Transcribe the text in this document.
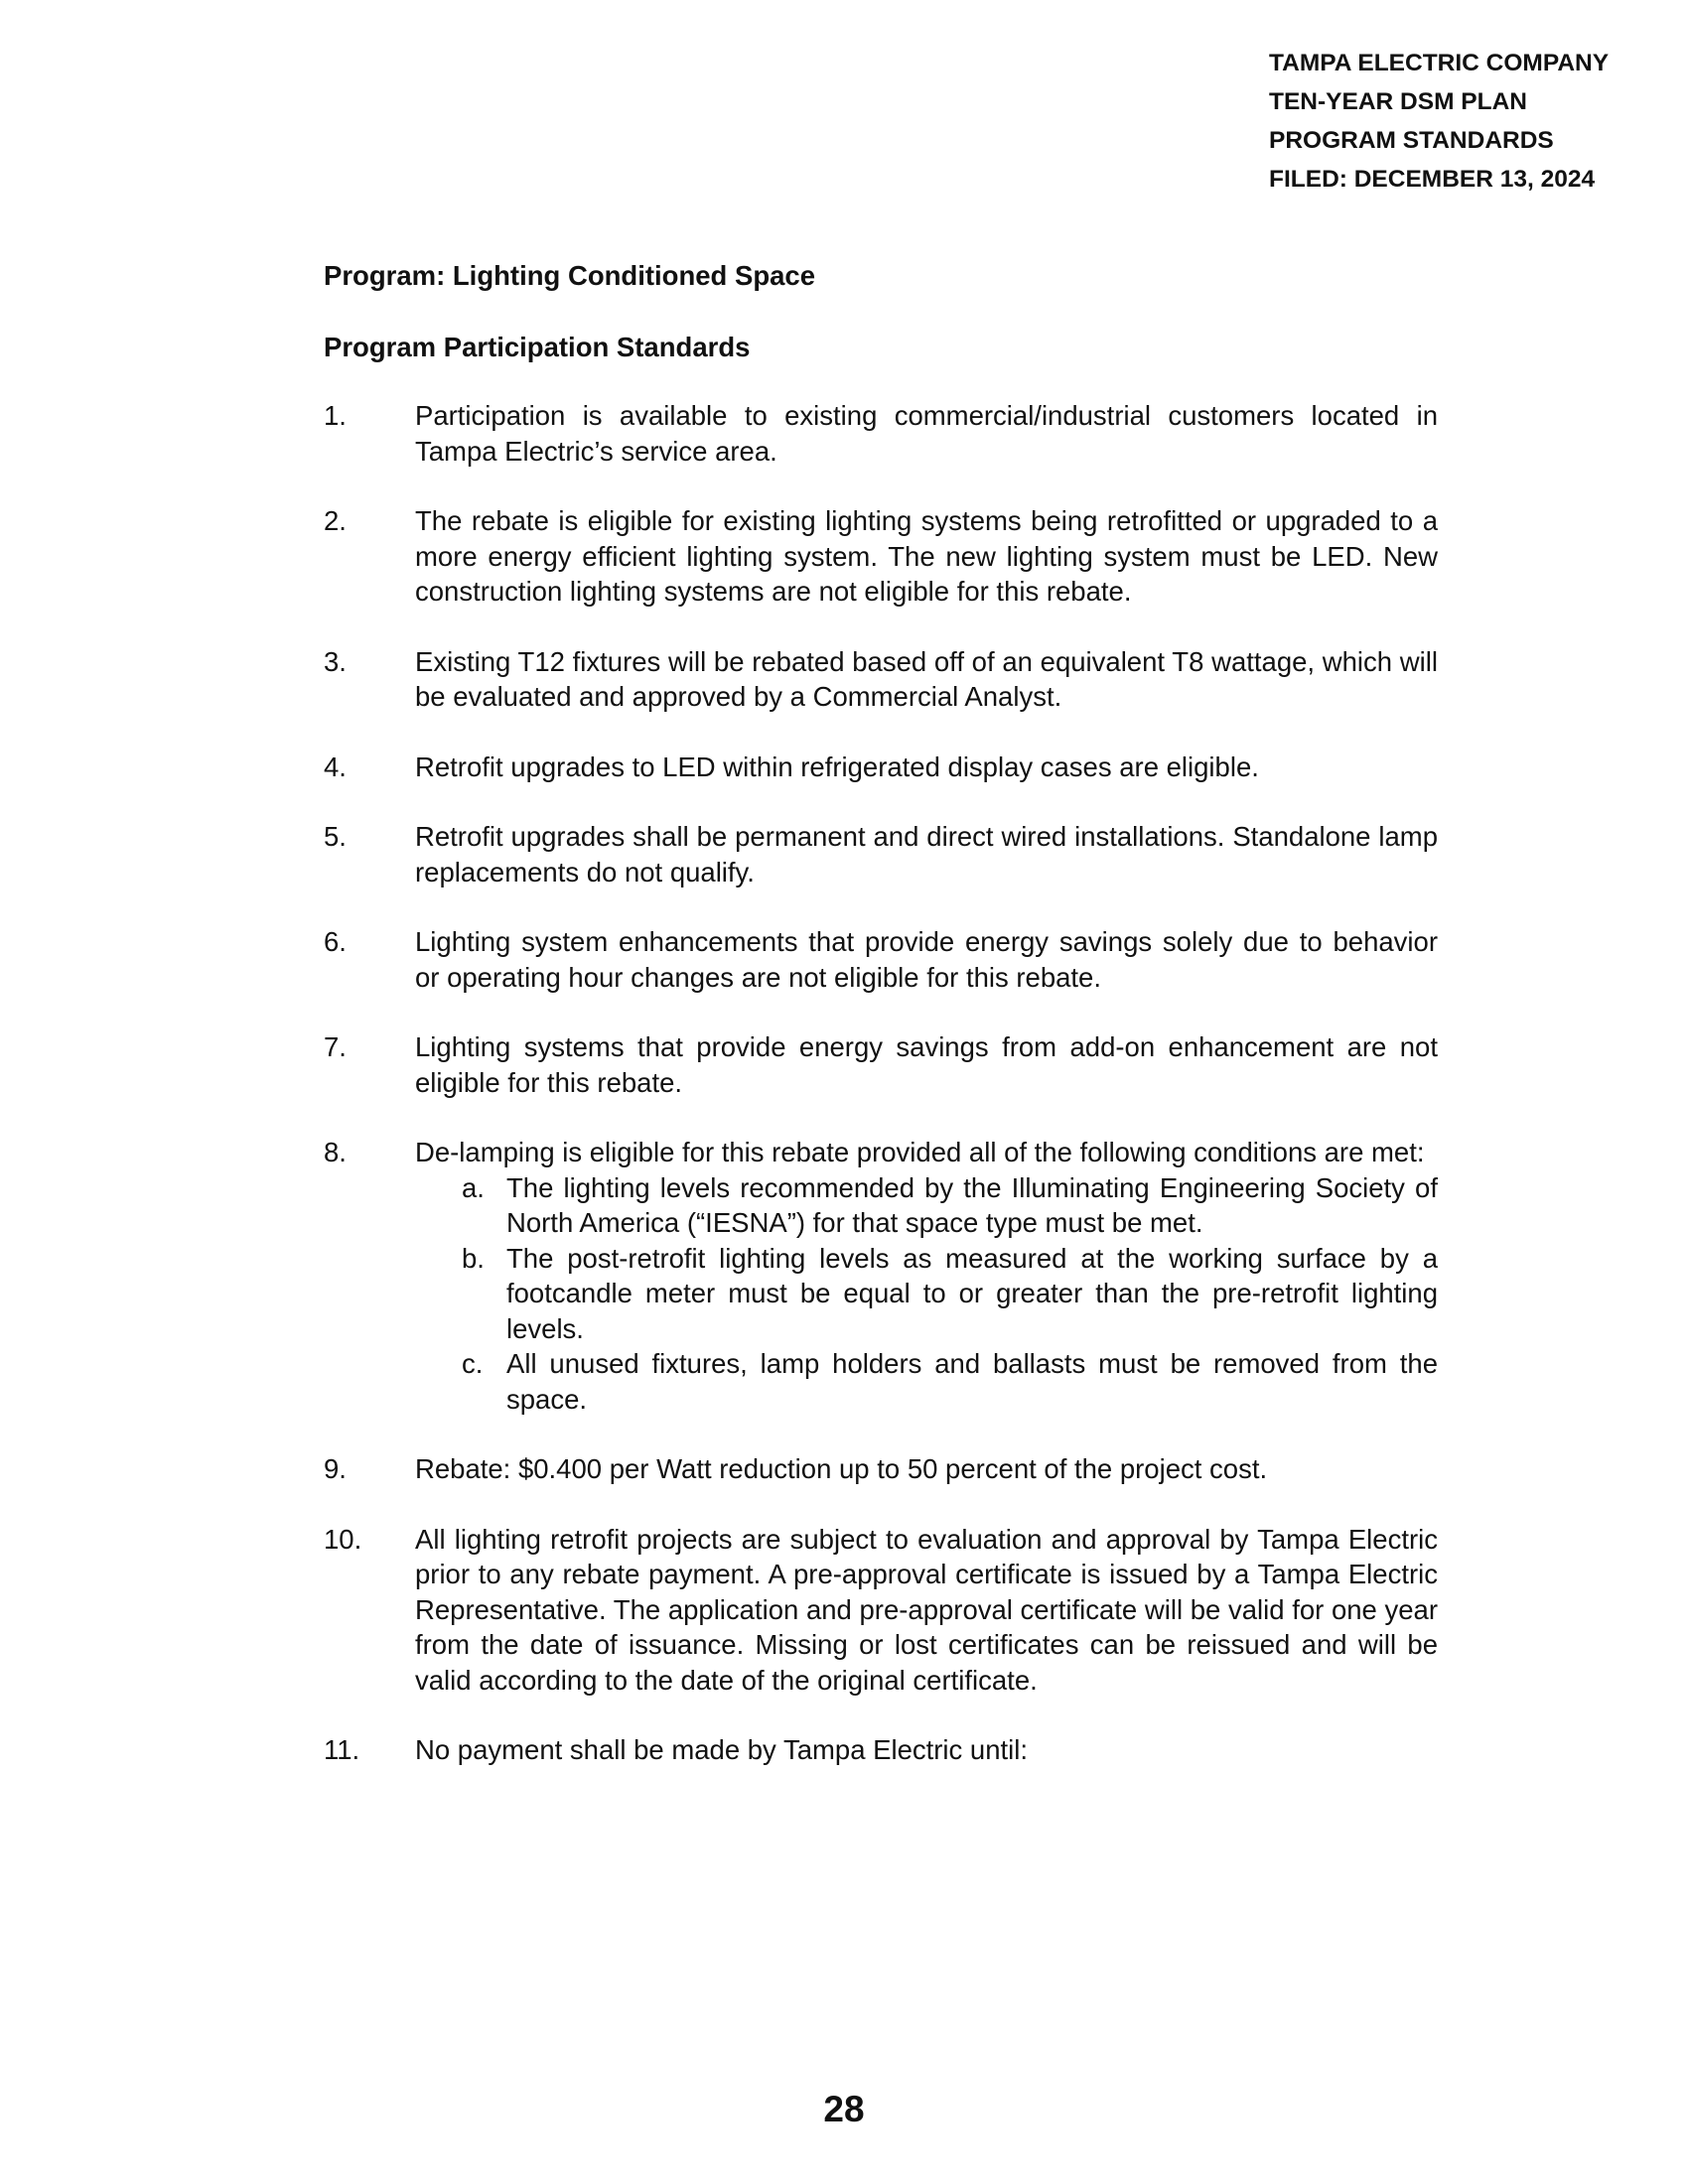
TAMPA ELECTRIC COMPANY
TEN-YEAR DSM PLAN
PROGRAM STANDARDS
FILED: DECEMBER 13, 2024
Program: Lighting Conditioned Space
Program Participation Standards
1.	Participation is available to existing commercial/industrial customers located in Tampa Electric’s service area.
2.	The rebate is eligible for existing lighting systems being retrofitted or upgraded to a more energy efficient lighting system. The new lighting system must be LED. New construction lighting systems are not eligible for this rebate.
3.	Existing T12 fixtures will be rebated based off of an equivalent T8 wattage, which will be evaluated and approved by a Commercial Analyst.
4.	Retrofit upgrades to LED within refrigerated display cases are eligible.
5.	Retrofit upgrades shall be permanent and direct wired installations. Standalone lamp replacements do not qualify.
6.	Lighting system enhancements that provide energy savings solely due to behavior or operating hour changes are not eligible for this rebate.
7.	Lighting systems that provide energy savings from add-on enhancement are not eligible for this rebate.
8.	De-lamping is eligible for this rebate provided all of the following conditions are met:
a. The lighting levels recommended by the Illuminating Engineering Society of North America (“IESNA”) for that space type must be met.
b. The post-retrofit lighting levels as measured at the working surface by a footcandle meter must be equal to or greater than the pre-retrofit lighting levels.
c. All unused fixtures, lamp holders and ballasts must be removed from the space.
9.	Rebate: $0.400 per Watt reduction up to 50 percent of the project cost.
10. All lighting retrofit projects are subject to evaluation and approval by Tampa Electric prior to any rebate payment. A pre-approval certificate is issued by a Tampa Electric Representative. The application and pre-approval certificate will be valid for one year from the date of issuance. Missing or lost certificates can be reissued and will be valid according to the date of the original certificate.
11. No payment shall be made by Tampa Electric until:
28
